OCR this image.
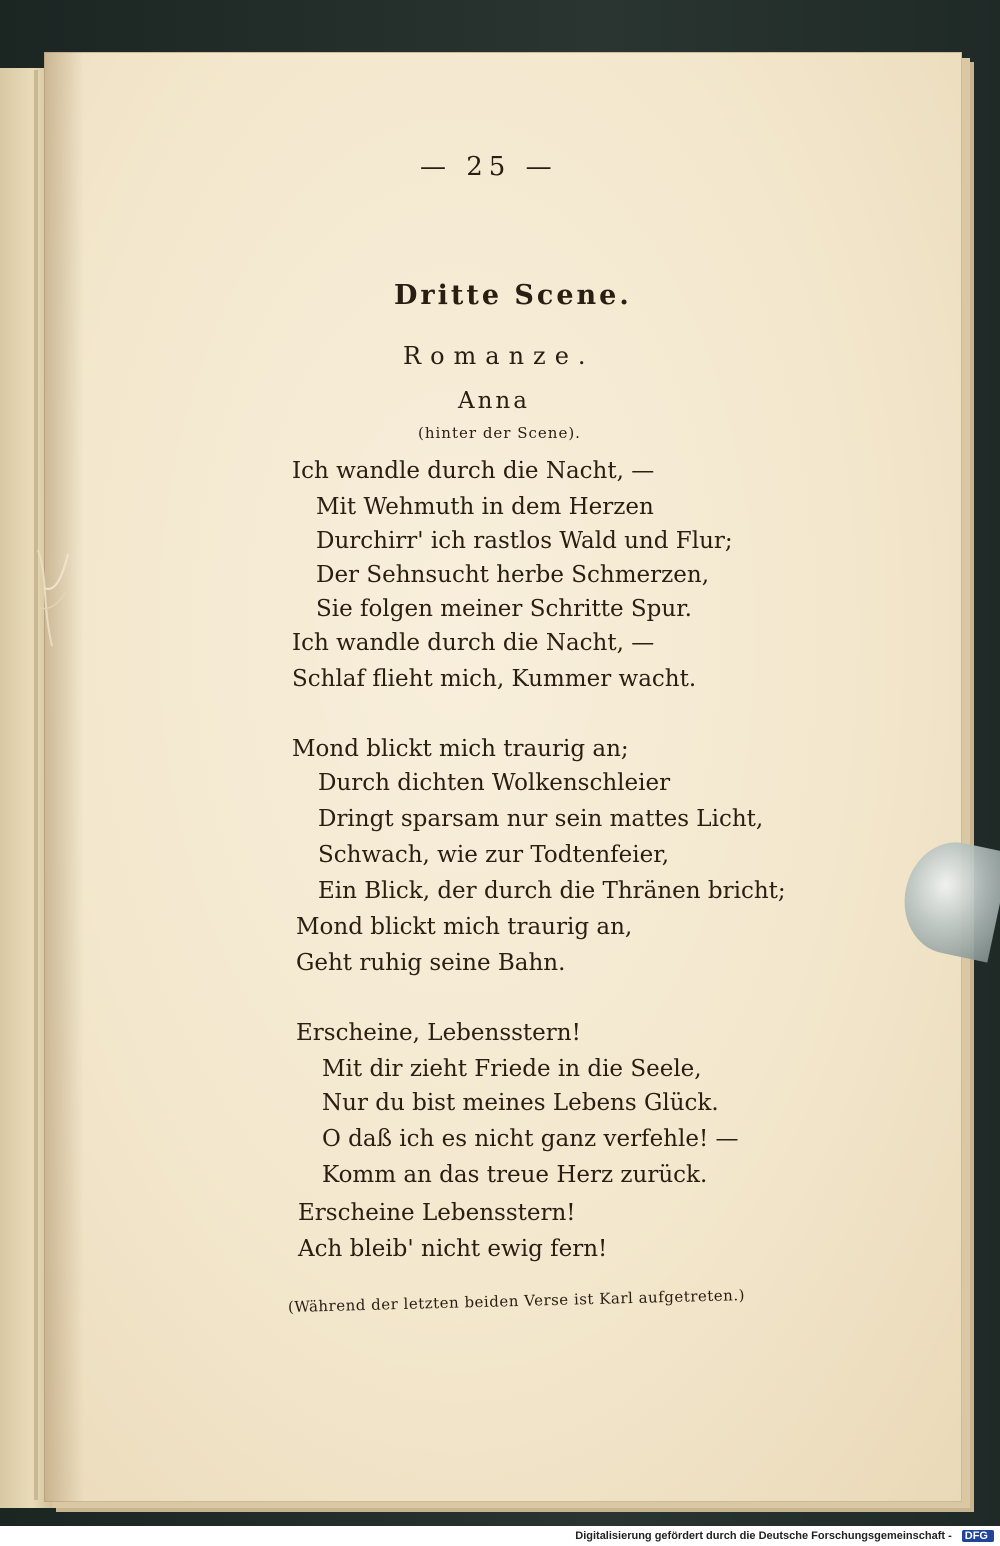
— 25 —
Dritte Scene.
Romanze.
Anna
(hinter der Scene).
Ich wandle durch die Nacht, —
Mit Wehmuth in dem Herzen
Durchirr' ich rastlos Wald und Flur;
Der Sehnsucht herbe Schmerzen,
Sie folgen meiner Schritte Spur.
Ich wandle durch die Nacht, —
Schlaf flieht mich, Kummer wacht.
Mond blickt mich traurig an;
Durch dichten Wolkenschleier
Dringt sparsam nur sein mattes Licht,
Schwach, wie zur Todtenfeier,
Ein Blick, der durch die Thränen bricht;
Mond blickt mich traurig an,
Geht ruhig seine Bahn.
Erscheine, Lebensstern!
Mit dir zieht Friede in die Seele,
Nur du bist meines Lebens Glück.
O daß ich es nicht ganz verfehle! —
Komm an das treue Herz zurück.
Erscheine Lebensstern!
Ach bleib' nicht ewig fern!
(Während der letzten beiden Verse ist Karl aufgetreten.)
Digitalisierung gefördert durch die Deutsche Forschungsgemeinschaft - DFG
